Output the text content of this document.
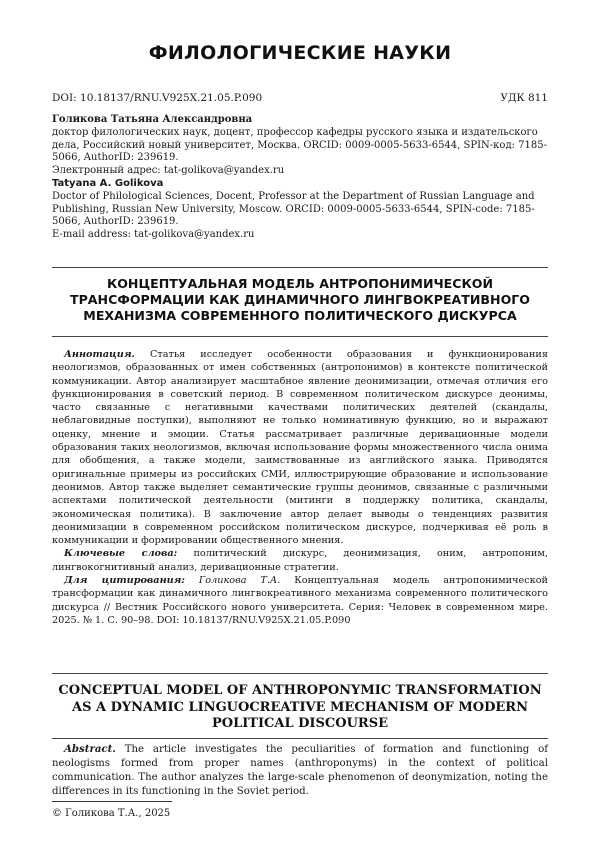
ФИЛОЛОГИЧЕСКИЕ НАУКИ
DOI: 10.18137/RNU.V925X.21.05.P.090	УДК 811

Голикова Татьяна Александровна

доктор филологических наук, доцент, профессор кафедры русского языка и издательского дела, Российский новый университет, Москва. ORCID: 0009-0005-5633-6544, SPIN-код: 7185-5066, AuthorID: 239619.

Электронный адрес: tat-golikova@yandex.ru

Tatyana A. Golikova

Doctor of Philological Sciences, Docent, Professor at the Department of Russian Language and Publishing, Russian New University, Moscow. ORCID: 0009-0005-5633-6544, SPIN-code: 7185-5066, AuthorID: 239619.

E-mail address: tat-golikova@yandex.ru

КОНЦЕПТУАЛЬНАЯ МОДЕЛЬ АНТРОПОНИМИЧЕСКОЙ
ТРАНСФОРМАЦИИ КАК ДИНАМИЧНОГО ЛИНГВОКРЕАТИВНОГО
МЕХАНИЗМА СОВРЕМЕННОГО ПОЛИТИЧЕСКОГО ДИСКУРСА

Аннотация. Статья исследует особенности образования и функционирования неологизмов, образованных от имен собственных (антропонимов) в контексте политической коммуникации. Автор анализирует масштабное явление деонимизации, отмечая отличия его функционирования в советский период. В современном политическом дискурсе деонимы, часто связанные с негативными качествами политических деятелей (скандалы, неблаговидные поступки), выполняют не только номинативную функцию, но и выражают оценку, мнение и эмоции. Статья рассматривает различные деривационные модели образования таких неологизмов, включая использование формы множественного числа онима для обобщения, а также модели, заимствованные из английского языка. Приводятся оригинальные примеры из российских СМИ, иллюстрирующие образование и использование деонимов. Автор также выделяет семантические группы деонимов, связанные с различными аспектами политической деятельности (митинги в поддержку политика, скандалы, экономическая политика). В заключение автор делает выводы о тенденциях развития деонимизации в современном российском политическом дискурсе, подчеркивая её роль в коммуникации и формировании общественного мнения.

Ключевые слова: политический дискурс, деонимизация, оним, антропоним, лингвокогнитивный анализ, деривационные стратегии.

Для цитирования: Голикова Т.А. Концептуальная модель антропонимической трансформации как динамичного лингвокреативного механизма современного политического дискурса // Вестник Российского нового университета. Серия: Человек в современном мире. 2025. № 1. С. 90–98. DOI: 10.18137/RNU.V925X.21.05.P.090

CONCEPTUAL MODEL OF ANTHROPONYMIC TRANSFORMATION
AS A DYNAMIC LINGUOCREATIVE MECHANISM OF MODERN
POLITICAL DISCOURSE

Abstract. The article investigates the peculiarities of formation and functioning of neologisms formed from proper names (anthroponyms) in the context of political communication. The author analyzes the large-scale phenomenon of deonymization, noting the differences in its functioning in the Soviet period.

© Голикова Т.А., 2025
